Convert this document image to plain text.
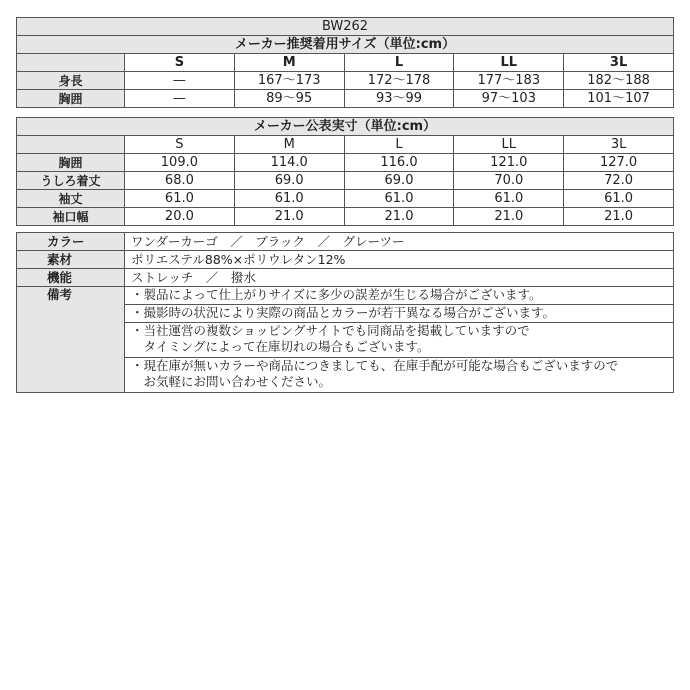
BW262					
メーカー推奨着用サイズ（単位:cm）					
	S	M	L	LL	3L
身長	—	167〜173	172〜178	177〜183	182〜188
胸囲	—	89〜95	93〜99	97〜103	101〜107
メーカー公表実寸（単位:cm）					
	S	M	L	LL	3L
胸囲	109.0	114.0	116.0	121.0	127.0
うしろ着丈	68.0	69.0	69.0	70.0	72.0
袖丈	61.0	61.0	61.0	61.0	61.0
袖口幅	20.0	21.0	21.0	21.0	21.0
カラー	ワンダーカーゴ　／　ブラック　／　グレーツー
素材	ポリエステル88%×ポリウレタン12%
機能	ストレッチ　／　撥水
備考	・製品によって仕上がりサイズに多少の誤差が生じる場合がございます。

	・撮影時の状況により実際の商品とカラーが若干異なる場合がございます。

	・当社運営の複数ショッピングサイトでも同商品を掲載していますので
　タイミングによって在庫切れの場合もございます。

	・現在庫が無いカラーや商品につきましても、在庫手配が可能な場合もございますので
　お気軽にお問い合わせください。
